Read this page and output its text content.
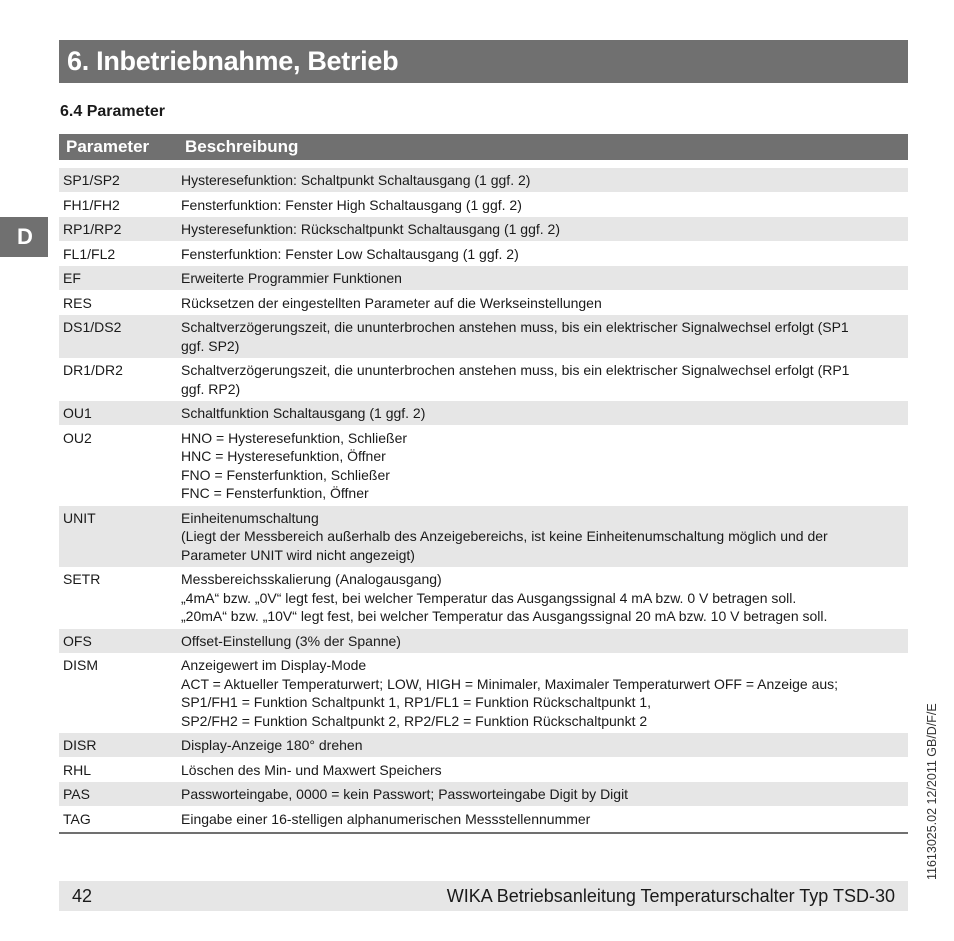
6. Inbetriebnahme, Betrieb
6.4 Parameter
D
Parameter	Beschreibung
SP1/SP2	Hysteresefunktion: Schaltpunkt Schaltausgang (1 ggf. 2)
FH1/FH2	Fensterfunktion: Fenster High Schaltausgang (1 ggf. 2)
RP1/RP2	Hysteresefunktion: Rückschaltpunkt Schaltausgang (1 ggf. 2)
FL1/FL2	Fensterfunktion: Fenster Low Schaltausgang (1 ggf. 2)
EF	Erweiterte Programmier Funktionen
RES	Rücksetzen der eingestellten Parameter auf die Werkseinstellungen
DS1/DS2	Schaltverzögerungszeit, die ununterbrochen anstehen muss, bis ein elektrischer Signalwechsel erfolgt (SP1
ggf. SP2)
DR1/DR2	Schaltverzögerungszeit, die ununterbrochen anstehen muss, bis ein elektrischer Signalwechsel erfolgt (RP1
ggf. RP2)
OU1	Schaltfunktion Schaltausgang (1 ggf. 2)
OU2	HNO = Hysteresefunktion, Schließer
HNC = Hysteresefunktion, Öffner
FNO = Fensterfunktion, Schließer
FNC = Fensterfunktion, Öffner
UNIT	Einheitenumschaltung
(Liegt der Messbereich außerhalb des Anzeigebereichs, ist keine Einheitenumschaltung möglich und der
Parameter UNIT wird nicht angezeigt)
SETR	Messbereichsskalierung (Analogausgang)
„4mA“ bzw. „0V“ legt fest, bei welcher Temperatur das Ausgangssignal 4 mA bzw. 0 V betragen soll.
„20mA“ bzw. „10V“ legt fest, bei welcher Temperatur das Ausgangssignal 20 mA bzw. 10 V betragen soll.
OFS	Offset-Einstellung (3% der Spanne)
DISM	Anzeigewert im Display-Mode
ACT = Aktueller Temperaturwert; LOW, HIGH = Minimaler, Maximaler Temperaturwert OFF = Anzeige aus;
SP1/FH1 = Funktion Schaltpunkt 1, RP1/FL1 = Funktion Rückschaltpunkt 1,
SP2/FH2 = Funktion Schaltpunkt 2, RP2/FL2 = Funktion Rückschaltpunkt 2
DISR	Display-Anzeige 180° drehen
RHL	Löschen des Min- und Maxwert Speichers
PAS	Passworteingabe, 0000 = kein Passwort; Passworteingabe Digit by Digit
TAG	Eingabe einer 16-stelligen alphanumerischen Messstellennummer	11613025.02 12/2011 GB/D/F/E
42	WIKA Betriebsanleitung Temperaturschalter Typ TSD-30
